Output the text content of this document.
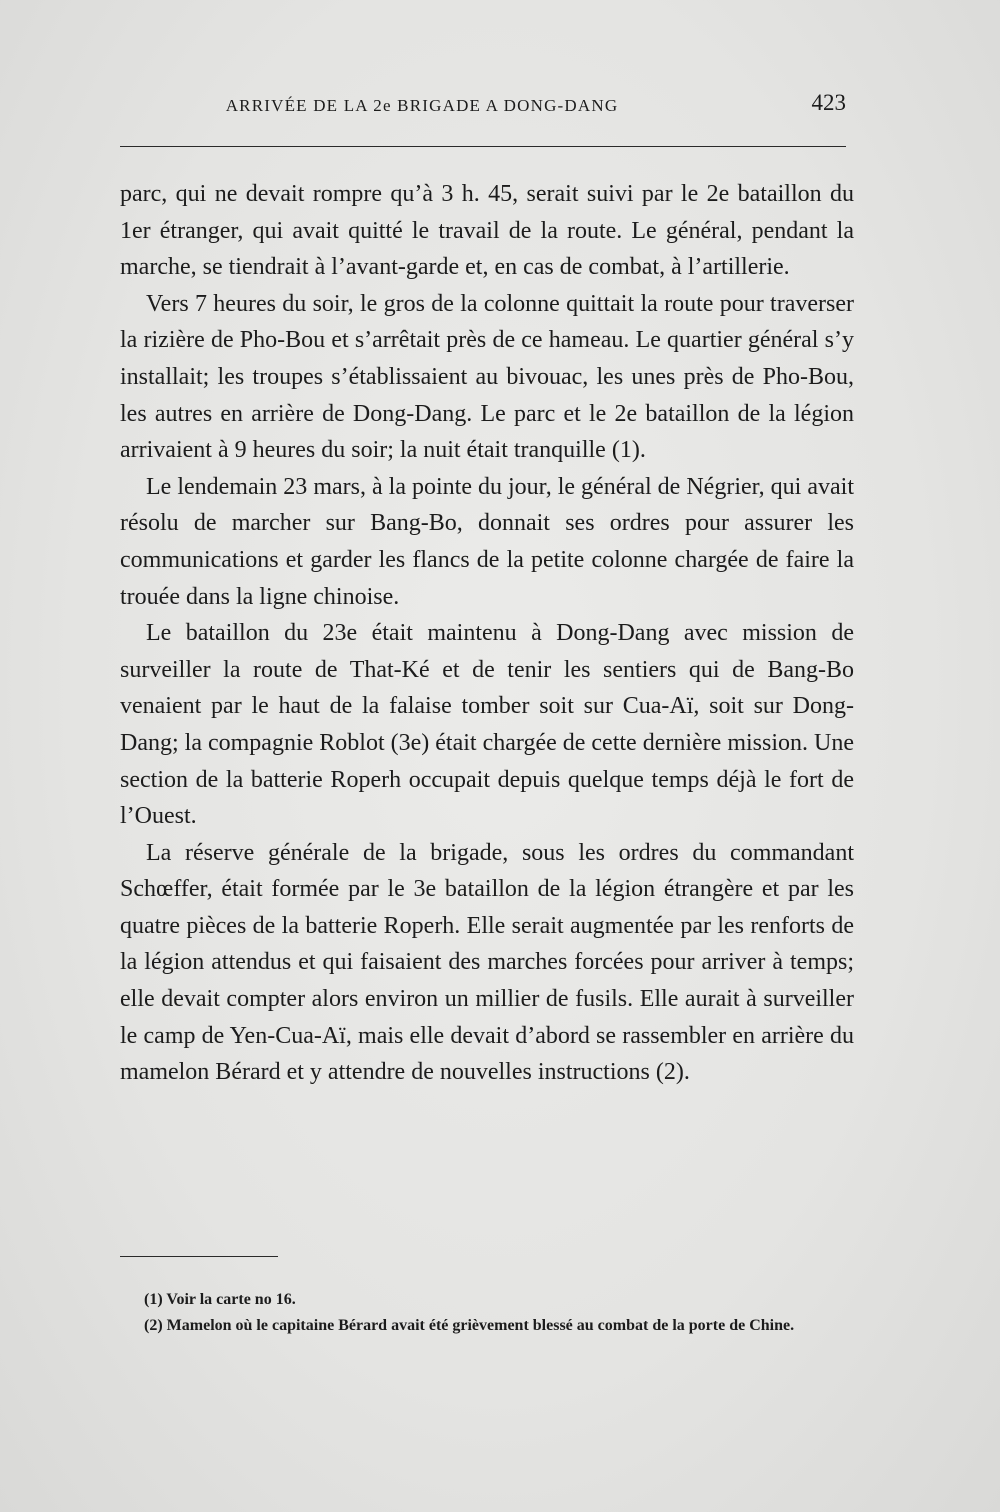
ARRIVÉE DE LA 2e BRIGADE A DONG-DANG	423

parc, qui ne devait rompre qu’à 3 h. 45, serait suivi par le 2e bataillon du 1er étranger, qui avait quitté le travail de la route. Le général, pendant la marche, se tiendrait à l’avant-garde et, en cas de combat, à l’artillerie.

Vers 7 heures du soir, le gros de la colonne quittait la route pour traverser la rizière de Pho-Bou et s’arrêtait près de ce hameau. Le quartier général s’y installait; les troupes s’établissaient au bivouac, les unes près de Pho-Bou, les autres en arrière de Dong-Dang. Le parc et le 2e bataillon de la légion arrivaient à 9 heures du soir; la nuit était tranquille (1).

Le lendemain 23 mars, à la pointe du jour, le général de Négrier, qui avait résolu de marcher sur Bang-Bo, donnait ses ordres pour assurer les communications et garder les flancs de la petite colonne chargée de faire la trouée dans la ligne chinoise.

Le bataillon du 23e était maintenu à Dong-Dang avec mission de surveiller la route de That-Ké et de tenir les sentiers qui de Bang-Bo venaient par le haut de la falaise tomber soit sur Cua-Aï, soit sur Dong-Dang; la compagnie Roblot (3e) était chargée de cette dernière mission. Une section de la batterie Roperh occupait depuis quelque temps déjà le fort de l’Ouest.

La réserve générale de la brigade, sous les ordres du commandant Schœffer, était formée par le 3e bataillon de la légion étrangère et par les quatre pièces de la batterie Roperh. Elle serait augmentée par les renforts de la légion attendus et qui faisaient des marches forcées pour arriver à temps; elle devait compter alors environ un millier de fusils. Elle aurait à surveiller le camp de Yen-Cua-Aï, mais elle devait d’abord se rassembler en arrière du mamelon Bérard et y attendre de nouvelles instructions (2).

(1) Voir la carte no 16.

(2) Mamelon où le capitaine Bérard avait été grièvement blessé au combat de la porte de Chine.
